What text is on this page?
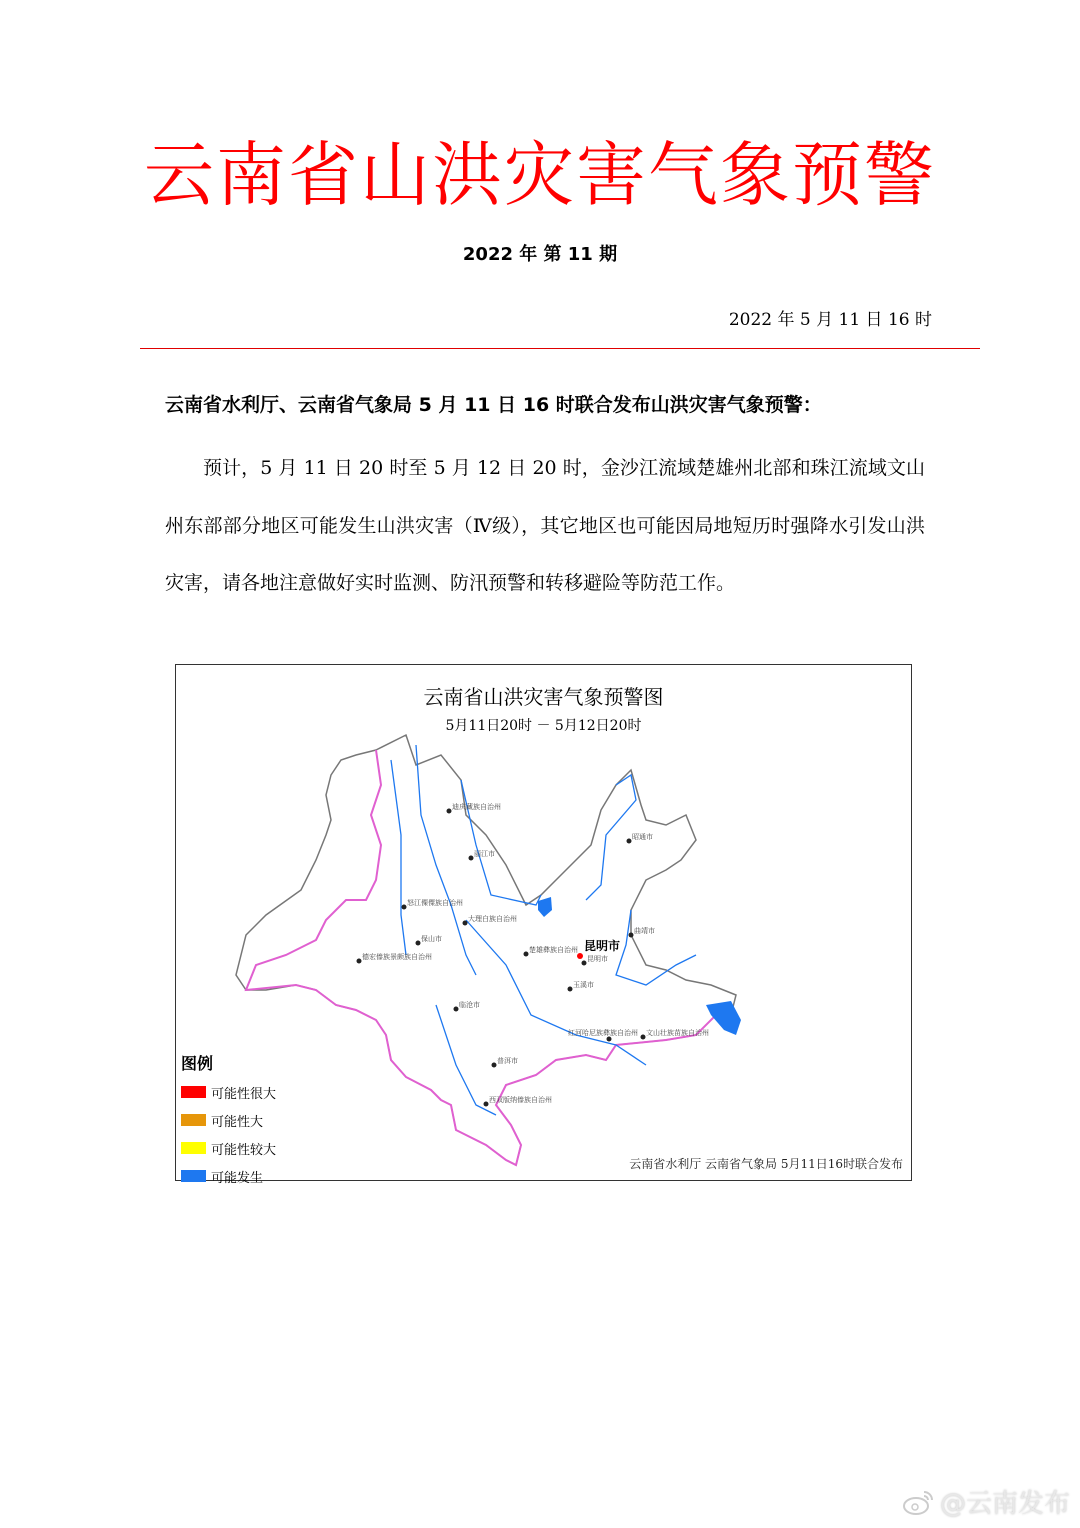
云南省山洪灾害气象预警
2022 年 第 11 期
2022 年 5 月 11 日 16 时
云南省水利厅、云南省气象局 5 月 11 日 16 时联合发布山洪灾害气象预警：
预计，5 月 11 日 20 时至 5 月 12 日 20 时，金沙江流域楚雄州北部和珠江流域文山州东部部分地区可能发生山洪灾害（Ⅳ级），其它地区也可能因局地短历时强降水引发山洪灾害，请各地注意做好实时监测、防汛预警和转移避险等防范工作。
云南省山洪灾害气象预警图
5月11日20时 － 5月12日20时
昆明市
迪庆藏族自治州
丽江市
昭通市
怒江傈僳族自治州
大理白族自治州
保山市
德宏傣族景颇族自治州
楚雄彝族自治州
曲靖市
昆明市
玉溪市
临沧市
红河哈尼族彝族自治州 文山壮族苗族自治州
普洱市
西双版纳傣族自治州
图例
可能性很大
可能性大
可能性较大
可能发生
云南省水利厅 云南省气象局 5月11日16时联合发布
@云南发布
